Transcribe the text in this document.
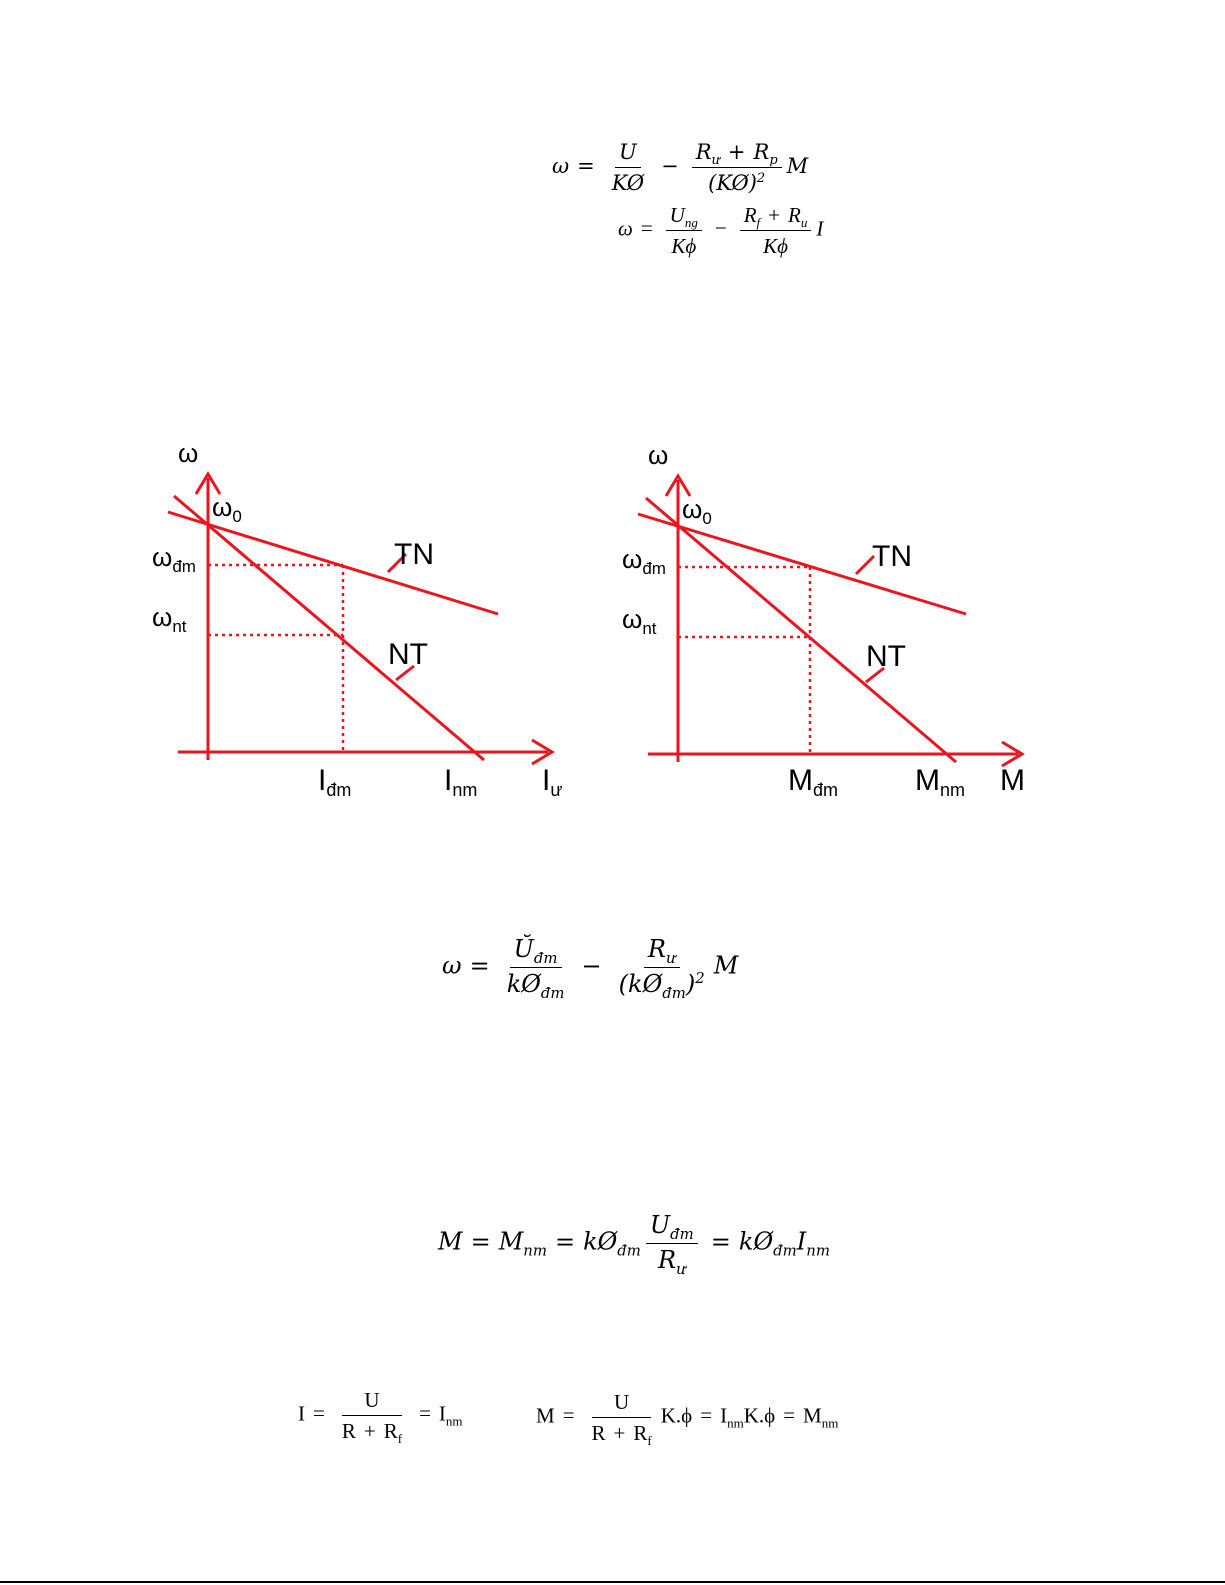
$\omega = \frac{U}{KØ} - \frac{R_ư + R_p}{(KØ)^2}$ M
$\omega = \frac{U_{ng}}{K\phi} - \frac{R_f + R_u}{K\phi}$ I
ω
$\omega_0$
$\omega_{đm}$
$\omega_{nt}$
TN
NT
$I_{đm}$	$I_{nm}$ $I_ư$
ω
$\omega_0$
$\omega_{đm}$
$\omega_{nt}$
TN
NT
$M_{đm}$	$M_{nm}$ M
$\omega = \frac{Ŭ_{đm}}{kØ_{đm}} - \frac{R_ư}{(kØ_{đm})^2}$ M
$M = M_{nm}$ = $kØ_{đm} \frac{U_{đm}}{R_ư}$ = $kØ_{đm}I_{nm}$
$I = \frac{U}{R + R_f} = I_{nm}$	$M = \frac{U}{R + R_f} K.\phi = I_{nm}K.\phi = M_{nm}$
